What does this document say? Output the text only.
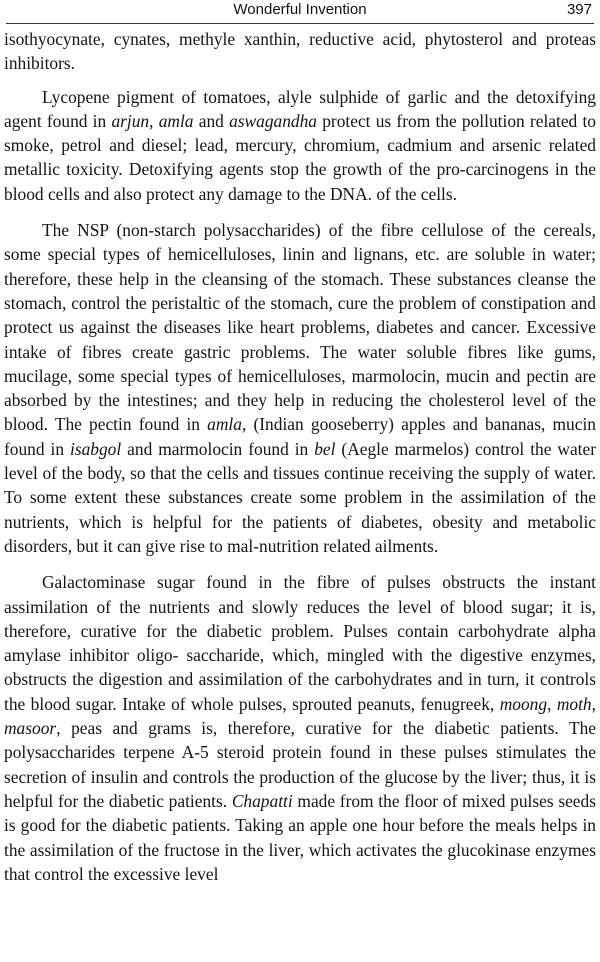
Wonderful Invention	397

isothyocynate, cynates, methyle xanthin, reductive acid, phytosterol and proteas inhibitors.

Lycopene pigment of tomatoes, alyle sulphide of garlic and the detoxifying agent found in arjun, amla and aswagandha protect us from the pollution related to smoke, petrol and diesel; lead, mercury, chromium, cadmium and arsenic related metallic toxicity. Detoxifying agents stop the growth of the pro-carcinogens in the blood cells and also protect any damage to the DNA. of the cells.

The NSP (non-starch polysaccharides) of the fibre cellulose of the cereals, some special types of hemicelluloses, linin and lignans, etc. are soluble in water; therefore, these help in the cleansing of the stomach. These substances cleanse the stomach, control the peristaltic of the stomach, cure the problem of constipation and protect us against the diseases like heart problems, diabetes and cancer. Excessive intake of fibres create gastric problems. The water soluble fibres like gums, mucilage, some special types of hemicelluloses, marmolocin, mucin and pectin are absorbed by the intestines; and they help in reducing the cholesterol level of the blood. The pectin found in amla, (Indian gooseberry) apples and bananas, mucin found in isabgol and marmolocin found in bel (Aegle marmelos) control the water level of the body, so that the cells and tissues continue receiving the supply of water. To some extent these substances create some problem in the assimilation of the nutrients, which is helpful for the patients of diabetes, obesity and metabolic disorders, but it can give rise to mal-nutrition related ailments.

Galactominase sugar found in the fibre of pulses obstructs the instant assimilation of the nutrients and slowly reduces the level of blood sugar; it is, therefore, curative for the diabetic problem. Pulses contain carbohydrate alpha amylase inhibitor oligo- saccharide, which, mingled with the digestive enzymes, obstructs the digestion and assimilation of the carbohydrates and in turn, it controls the blood sugar. Intake of whole pulses, sprouted peanuts, fenugreek, moong, moth, masoor, peas and grams is, therefore, curative for the diabetic patients. The polysaccharides terpene A-5 steroid protein found in these pulses stimulates the secretion of insulin and controls the production of the glucose by the liver; thus, it is helpful for the diabetic patients. Chapatti made from the floor of mixed pulses seeds is good for the diabetic patients. Taking an apple one hour before the meals helps in the assimilation of the fructose in the liver, which activates the glucokinase enzymes that control the excessive level
